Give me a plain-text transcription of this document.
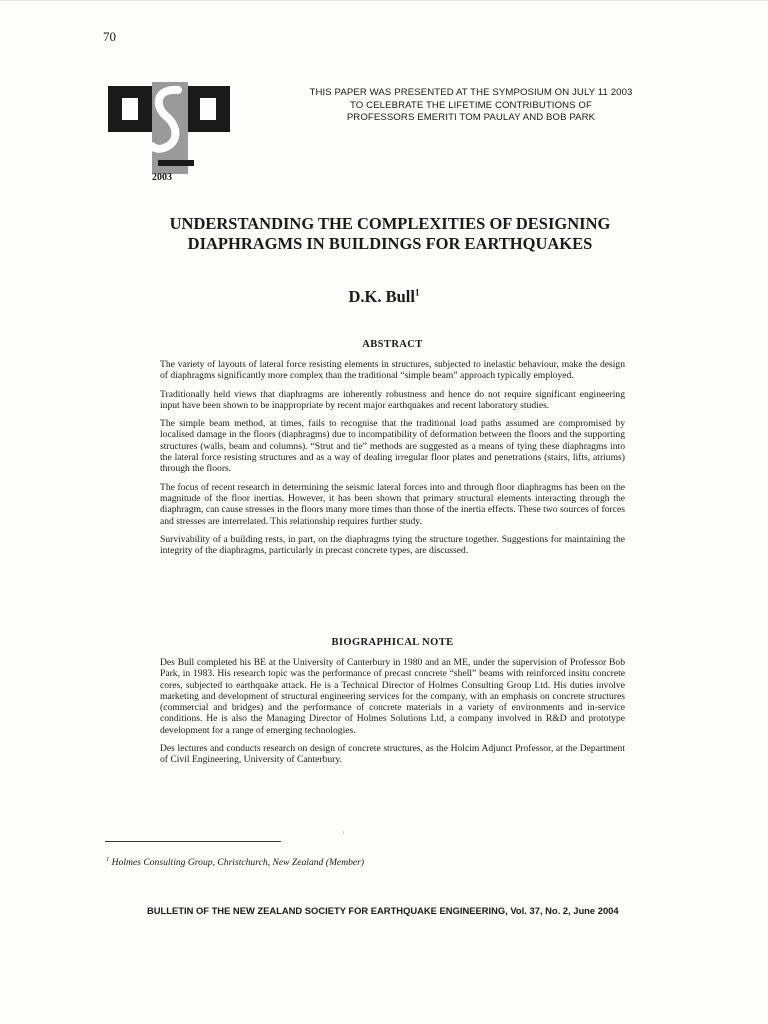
70
2003
THIS PAPER WAS PRESENTED AT THE SYMPOSIUM ON JULY 11 2003
TO CELEBRATE THE LIFETIME CONTRIBUTIONS OF
PROFESSORS EMERITI TOM PAULAY AND BOB PARK
UNDERSTANDING THE COMPLEXITIES OF DESIGNING
DIAPHRAGMS IN BUILDINGS FOR EARTHQUAKES
D.K. Bull$^1$
ABSTRACT

The variety of layouts of lateral force resisting elements in structures, subjected to inelastic behaviour, make the design of diaphragms significantly more complex than the traditional “simple beam” approach typically employed.

Traditionally held views that diaphragms are inherently robustness and hence do not require significant engineering input have been shown to be inappropriate by recent major earthquakes and recent laboratory studies.

The simple beam method, at times, fails to recognise that the traditional load paths assumed are compromised by localised damage in the floors (diaphragms) due to incompatibility of deformation between the floors and the supporting structures (walls, beam and columns). “Strut and tie” methods are suggested as a means of tying these diaphragms into the lateral force resisting structures and as a way of dealing irregular floor plates and penetrations (stairs, lifts, atriums) through the floors.

The focus of recent research in determining the seismic lateral forces into and through floor diaphragms has been on the magnitude of the floor inertias. However, it has been shown that primary structural elements interacting through the diaphragm, can cause stresses in the floors many more times than those of the inertia effects. These two sources of forces and stresses are interrelated. This relationship requires further study.

Survivability of a building rests, in part, on the diaphragms tying the structure together. Suggestions for maintaining the integrity of the diaphragms, particularly in precast concrete types, are discussed.

BIOGRAPHICAL NOTE

Des Bull completed his BE at the University of Canterbury in 1980 and an ME, under the supervision of Professor Bob Park, in 1983. His research topic was the performance of precast concrete “shell” beams with reinforced insitu concrete cores, subjected to earthquake attack. He is a Technical Director of Holmes Consulting Group Ltd. His duties involve marketing and development of structural engineering services for the company, with an emphasis on concrete structures (commercial and bridges) and the performance of concrete materials in a variety of environments and in-service conditions. He is also the Managing Director of Holmes Solutions Ltd, a company involved in R&D and prototype development for a range of emerging technologies.

Des lectures and conducts research on design of concrete structures, as the Holcim Adjunct Professor, at the Department of Civil Engineering, University of Canterbury.

$^1$ Holmes Consulting Group, Christchurch, New Zealand (Member)
BULLETIN OF THE NEW ZEALAND SOCIETY FOR EARTHQUAKE ENGINEERING, Vol. 37, No. 2, June 2004
